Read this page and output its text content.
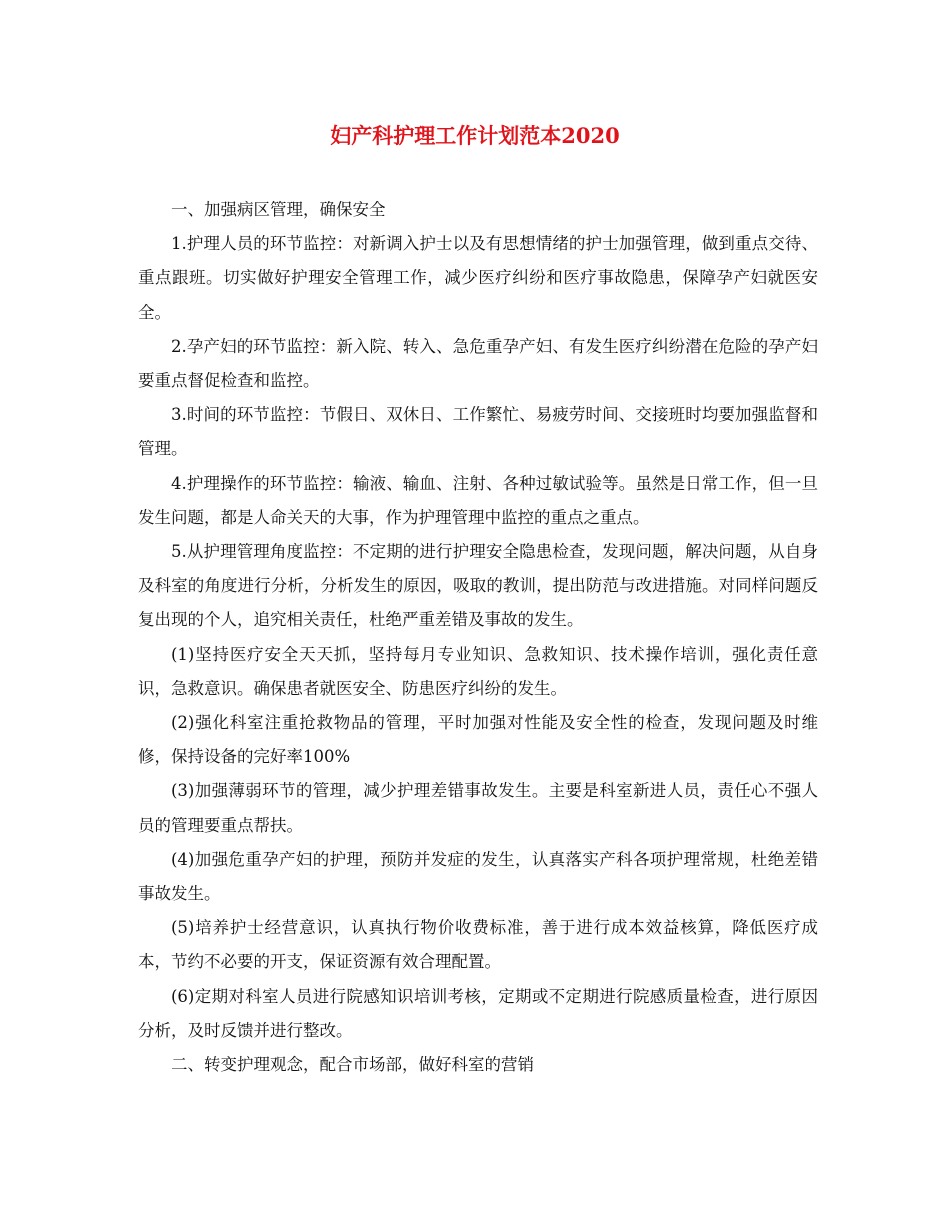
妇产科护理工作计划范本2020

一、加强病区管理，确保安全

1.护理人员的环节监控：对新调入护士以及有思想情绪的护士加强管理，做到重点交待、重点跟班。切实做好护理安全管理工作，减少医疗纠纷和医疗事故隐患，保障孕产妇就医安全。

2.孕产妇的环节监控：新入院、转入、急危重孕产妇、有发生医疗纠纷潜在危险的孕产妇要重点督促检查和监控。

3.时间的环节监控：节假日、双休日、工作繁忙、易疲劳时间、交接班时均要加强监督和管理。

4.护理操作的环节监控：输液、输血、注射、各种过敏试验等。虽然是日常工作，但一旦发生问题，都是人命关天的大事，作为护理管理中监控的重点之重点。

5.从护理管理角度监控：不定期的进行护理安全隐患检查，发现问题，解决问题，从自身及科室的角度进行分析，分析发生的原因，吸取的教训，提出防范与改进措施。对同样问题反复出现的个人，追究相关责任，杜绝严重差错及事故的发生。

(1)坚持医疗安全天天抓，坚持每月专业知识、急救知识、技术操作培训，强化责任意识，急救意识。确保患者就医安全、防患医疗纠纷的发生。

(2)强化科室注重抢救物品的管理，平时加强对性能及安全性的检查，发现问题及时维修，保持设备的完好率100%

(3)加强薄弱环节的管理，减少护理差错事故发生。主要是科室新进人员，责任心不强人员的管理要重点帮扶。

(4)加强危重孕产妇的护理，预防并发症的发生，认真落实产科各项护理常规，杜绝差错事故发生。

(5)培养护士经营意识，认真执行物价收费标准，善于进行成本效益核算，降低医疗成本，节约不必要的开支，保证资源有效合理配置。

(6)定期对科室人员进行院感知识培训考核，定期或不定期进行院感质量检查，进行原因分析，及时反馈并进行整改。

二、转变护理观念，配合市场部，做好科室的营销
